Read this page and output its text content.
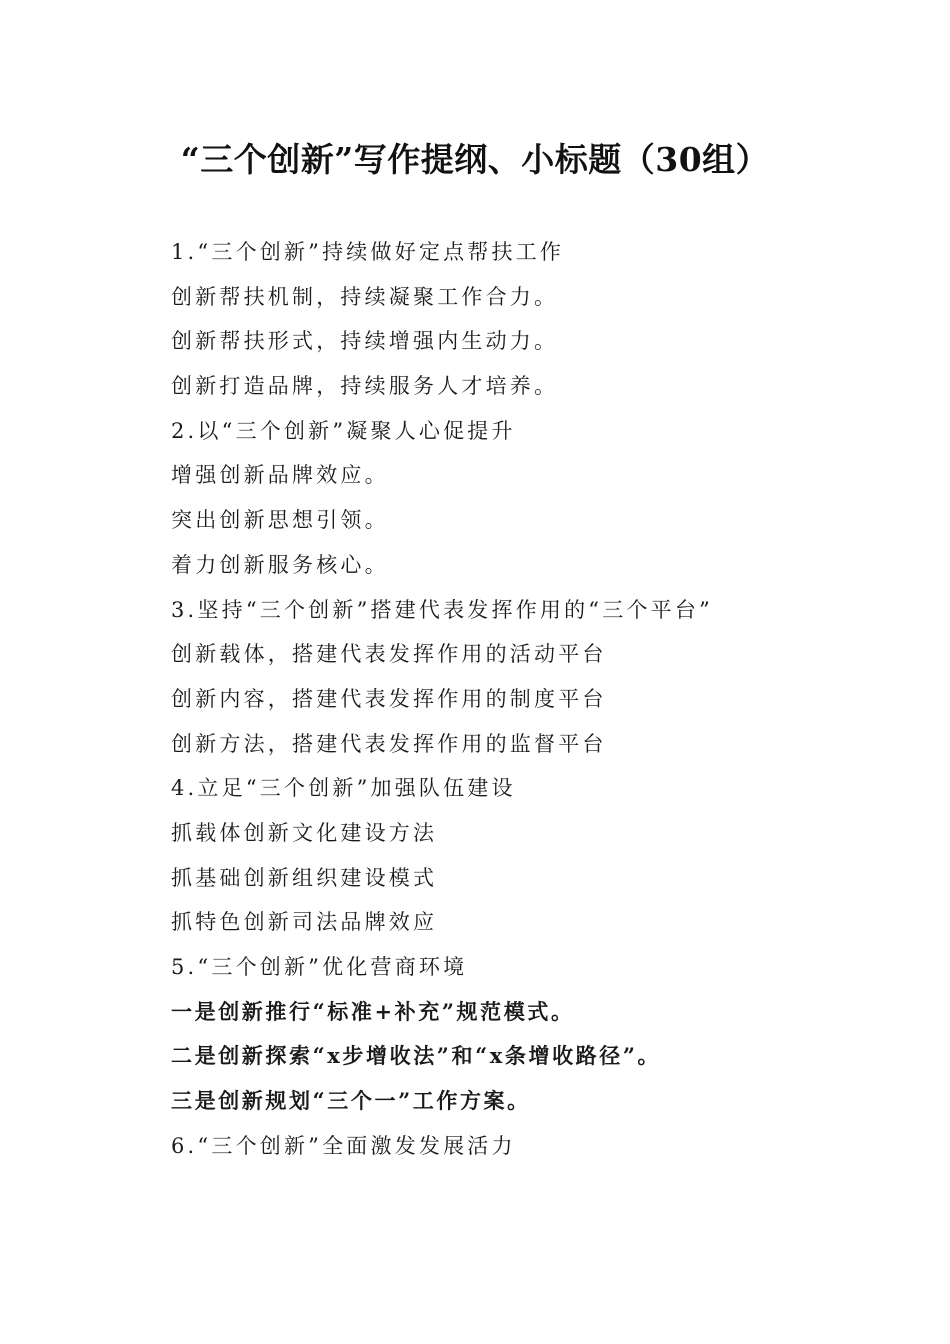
“三个创新”写作提纲、小标题（30组）
1.“三个创新”持续做好定点帮扶工作
创新帮扶机制，持续凝聚工作合力。
创新帮扶形式，持续增强内生动力。
创新打造品牌，持续服务人才培养。
2.以“三个创新”凝聚人心促提升
增强创新品牌效应。
突出创新思想引领。
着力创新服务核心。
3.坚持“三个创新”搭建代表发挥作用的“三个平台”
创新载体，搭建代表发挥作用的活动平台
创新内容，搭建代表发挥作用的制度平台
创新方法，搭建代表发挥作用的监督平台
4.立足“三个创新”加强队伍建设
抓载体创新文化建设方法
抓基础创新组织建设模式
抓特色创新司法品牌效应
5.“三个创新”优化营商环境
一是创新推行“标准+补充”规范模式。
二是创新探索“x步增收法”和“x条增收路径”。
三是创新规划“三个一”工作方案。
6.“三个创新”全面激发发展活力
